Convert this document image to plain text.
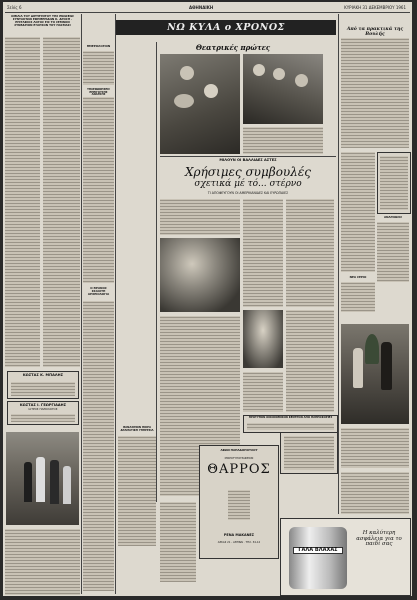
Σελίς 6	ΑΘΗΝΑΙΚΗ	ΚΥΡΙΑΚΗ 31 ΔΕΚΕΜΒΡΙΟΥ 1961
ΟΜΙΛΙΑ ΤΟΥ ΔΙΕΥΘΥΝΤΟΥ ΤΗΣ ΕΝΩΣΕΩΣ ΣΥΝΤΑΚΤΩΝ ΕΦΗΜΕΡΙΔΩΝ Κ. ΔΡΟΣΗ · ΕΠΙΤΑΦΙΟΣ ΛΟΓΟΣ ΕΙΣ ΤΟ ΣΕΜΝΟΝ ΣΥΝΕΔΡΙΟΝ ΕΞΑΡΧΟΝ ΤΟΥ ΠΑΣΜΑΣΙ
ΚΩΣΤΑΣ Κ. ΜΠΑΛΗΣ
ΚΩΣΤΑΣ Ι. ΓΕΩΡΓΙΑΔΗΣ
ΙΑΤΡΟΣ ΠΑΘΟΛΟΓΟΣ
ΗΜΕΡΟΛΟΓΙΟΝ
ΤΗΛΕΦΩΝΗΣΕΙΣ ΕΠΕΙΓΟΥΣΗΣ ΑΝΑΓΚΗΣ
Ο ΘΡΑΝΟΣ ΣΚΑΛΙΤΗ
ΑΡΧΕΙΟΛΟΓΙΑ
ΝΩ ΚΥΛΑ ο ΧΡΟΝΟΣ
Θεατρικές πρώτες
ΜΙΛΟΥΝ ΟΙ ΒΑΛΛΙΔΕΣ ΑΣΤΕΣ
Χρήσιμες συμβουλές
σχετικά μέ τό... στέρνο
ΤΙ ΑΠΟΦΕΥΓΟΥΝ ΟΙ ΑΜΕΡΙΚΑΝΙΔΕΣ ΚΑΙ ΕΥΡΩΠΑΙΕΣ
ΠΡΟΤΥΠΟΝ ΟΙΚΟΝΟΜΙΚΟΝ ΚΕΝΤΡΟΝ ΑΠΟ ΠΛΗΡΟΦΟΡΙΕΣ
ΘΑΝΑΣΙΜΟΝ ΠΙΚΡΑ ΔΡΑΜΑΤΙΚΗ ΥΠΗΡΕΣΙΑ
ΑΦΩΝ ΠΑΠΑΔΟΠΟΥΛΟΥ
ΜΙΚΡΟΤΥΠΟΓΡΑΦΕΙΟΝ
ΘΑΡΡΟΣ
ΡΕΝΑ ΜΑΚΑΝΕΣ
ΑΡΚΑΣ 21 - ΑΘΗΝΑΙ · ΤΗΛ. 34-12
Από τα πρακτικά της Βουλής
ΑΝΑΓΝΩΣΙΣ
ΝΕΑ ΣΕΡΙΟ
ΓΑΛΑ ΒΛΑΧΑΣ
Η καλύτερη ασφάλεια για το παιδί σας
